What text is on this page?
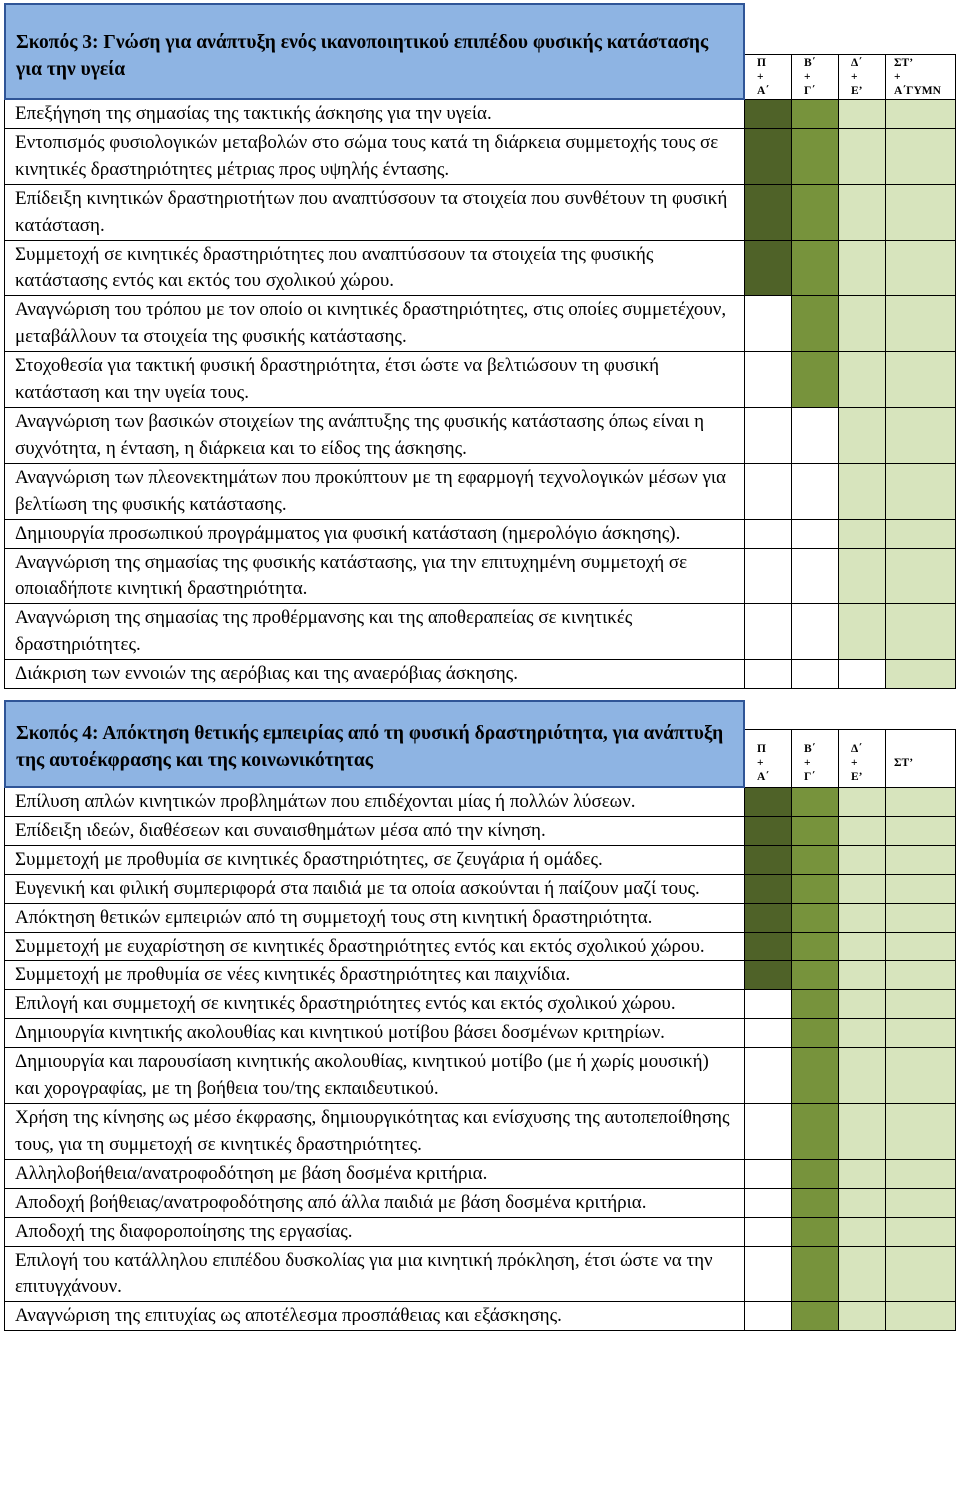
Σκοπός 3: Γνώση για ανάπτυξη ενός ικανοποιητικού επιπέδου φυσικής κατάστασης για την υγεία	Π
+
Α΄
Β΄
+
Γ΄
Δ΄
+
Ε’
ΣΤ’
+
Α΄ΓΥΜΝ
Επεξήγηση της σημασίας της τακτικής άσκησης για την υγεία.
Εντοπισμός φυσιολογικών μεταβολών στο σώμα τους κατά τη διάρκεια συμμετοχής τους σε κινητικές δραστηριότητες μέτριας προς υψηλής έντασης.
Επίδειξη κινητικών δραστηριοτήτων που αναπτύσσουν τα στοιχεία που συνθέτουν τη φυσική κατάσταση.
Συμμετοχή σε κινητικές δραστηριότητες που αναπτύσσουν τα στοιχεία της φυσικής κατάστασης εντός και εκτός του σχολικού χώρου.
Αναγνώριση του τρόπου με τον οποίο οι κινητικές δραστηριότητες, στις οποίες συμμετέχουν, μεταβάλλουν τα στοιχεία της φυσικής κατάστασης.
Στοχοθεσία για τακτική φυσική δραστηριότητα, έτσι ώστε να βελτιώσουν τη φυσική κατάσταση και την υγεία τους.
Αναγνώριση των βασικών στοιχείων της ανάπτυξης της φυσικής κατάστασης όπως είναι η συχνότητα, η ένταση, η διάρκεια και το είδος της άσκησης.
Αναγνώριση των πλεονεκτημάτων που προκύπτουν με τη εφαρμογή τεχνολογικών μέσων για βελτίωση της φυσικής κατάστασης.
Δημιουργία προσωπικού προγράμματος για φυσική κατάσταση (ημερολόγιο άσκησης).
Αναγνώριση της σημασίας της φυσικής κατάστασης, για την επιτυχημένη συμμετοχή σε οποιαδήποτε κινητική δραστηριότητα.
Αναγνώριση της σημασίας της προθέρμανσης και της αποθεραπείας σε κινητικές δραστηριότητες.
Διάκριση των εννοιών της αερόβιας και της αναερόβιας άσκησης.
Σκοπός 4: Απόκτηση θετικής εμπειρίας από τη φυσική δραστηριότητα, για ανάπτυξη της αυτοέκφρασης και της κοινωνικότητας
Π
+
Α΄
Β΄
+
Γ΄
Δ΄
+
Ε’
ΣΤ’
Επίλυση απλών κινητικών προβλημάτων που επιδέχονται μίας ή πολλών λύσεων.
Επίδειξη ιδεών, διαθέσεων και συναισθημάτων μέσα από την κίνηση.
Συμμετοχή με προθυμία σε κινητικές δραστηριότητες, σε ζευγάρια ή ομάδες.
Ευγενική και φιλική συμπεριφορά στα παιδιά με τα οποία ασκούνται ή παίζουν μαζί τους.
Απόκτηση θετικών εμπειριών από τη συμμετοχή τους στη κινητική δραστηριότητα.
Συμμετοχή με ευχαρίστηση σε κινητικές δραστηριότητες εντός και εκτός σχολικού χώρου.
Συμμετοχή με προθυμία σε νέες κινητικές δραστηριότητες και παιχνίδια.
Επιλογή και συμμετοχή σε κινητικές δραστηριότητες εντός και εκτός σχολικού χώρου.
Δημιουργία κινητικής ακολουθίας και κινητικού μοτίβου βάσει δοσμένων κριτηρίων.
Δημιουργία και παρουσίαση κινητικής ακολουθίας, κινητικού μοτίβο (με ή χωρίς μουσική) και χορογραφίας, με τη βοήθεια του/της εκπαιδευτικού.
Χρήση της κίνησης ως μέσο έκφρασης, δημιουργικότητας και ενίσχυσης της αυτοπεποίθησης τους, για τη συμμετοχή σε κινητικές δραστηριότητες.
Αλληλοβοήθεια/ανατροφοδότηση με βάση δοσμένα κριτήρια.
Αποδοχή βοήθειας/ανατροφοδότησης από άλλα παιδιά με βάση δοσμένα κριτήρια.
Αποδοχή της διαφοροποίησης της εργασίας.
Επιλογή του κατάλληλου επιπέδου δυσκολίας για μια κινητική πρόκληση, έτσι ώστε να την επιτυγχάνουν.
Αναγνώριση της επιτυχίας ως αποτέλεσμα προσπάθειας και εξάσκησης.
